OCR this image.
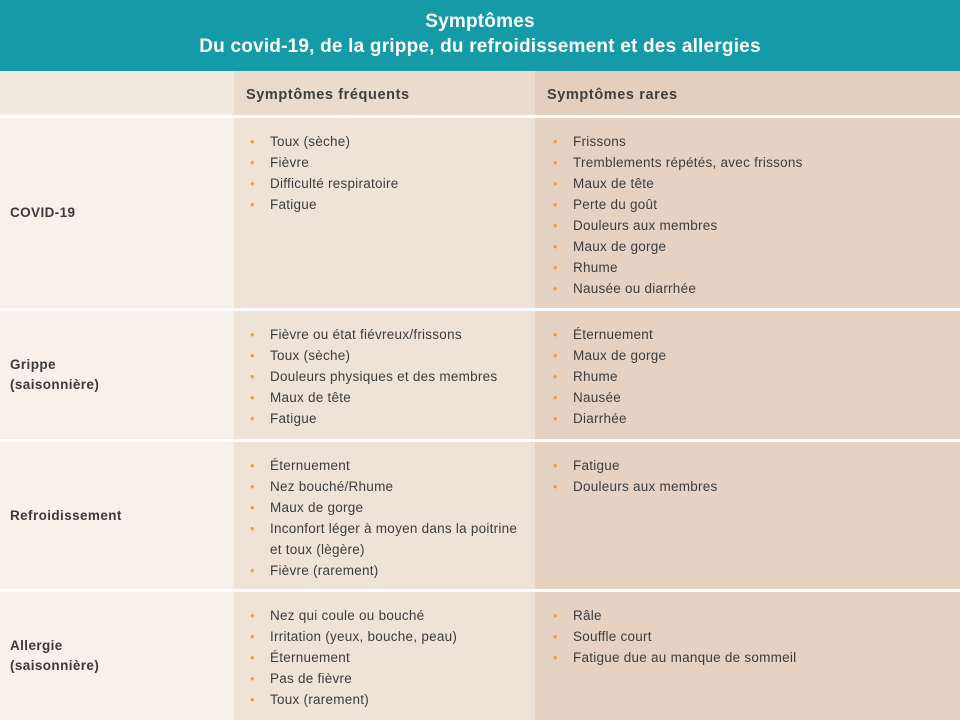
Symptômes
Du covid-19, de la grippe, du refroidissement et des allergies
Symptômes fréquents	Symptômes rares
COVID-19
• Toux (sèche)
• Fièvre
• Difficulté respiratoire
• Fatigue
• Frissons
• Tremblements répétés, avec frissons
• Maux de tête
• Perte du goût
• Douleurs aux membres
• Maux de gorge
• Rhume
• Nausée ou diarrhée
Grippe
(saisonnière)
• Fièvre ou état fiévreux/frissons
• Toux (sèche)
• Douleurs physiques et des membres
• Maux de tête
• Fatigue
• Éternuement
• Maux de gorge
• Rhume
• Nausée
• Diarrhée
Refroidissement
• Éternuement
• Nez bouché/Rhume
• Maux de gorge
• Inconfort léger à moyen dans la poitrine et toux (lègère)
• Fièvre (rarement)
• Fatigue
• Douleurs aux membres
Allergie
(saisonnière)
• Nez qui coule ou bouché
• Irritation (yeux, bouche, peau)
• Éternuement
• Pas de fièvre
• Toux (rarement)
• Râle
• Souffle court
• Fatigue due au manque de sommeil
